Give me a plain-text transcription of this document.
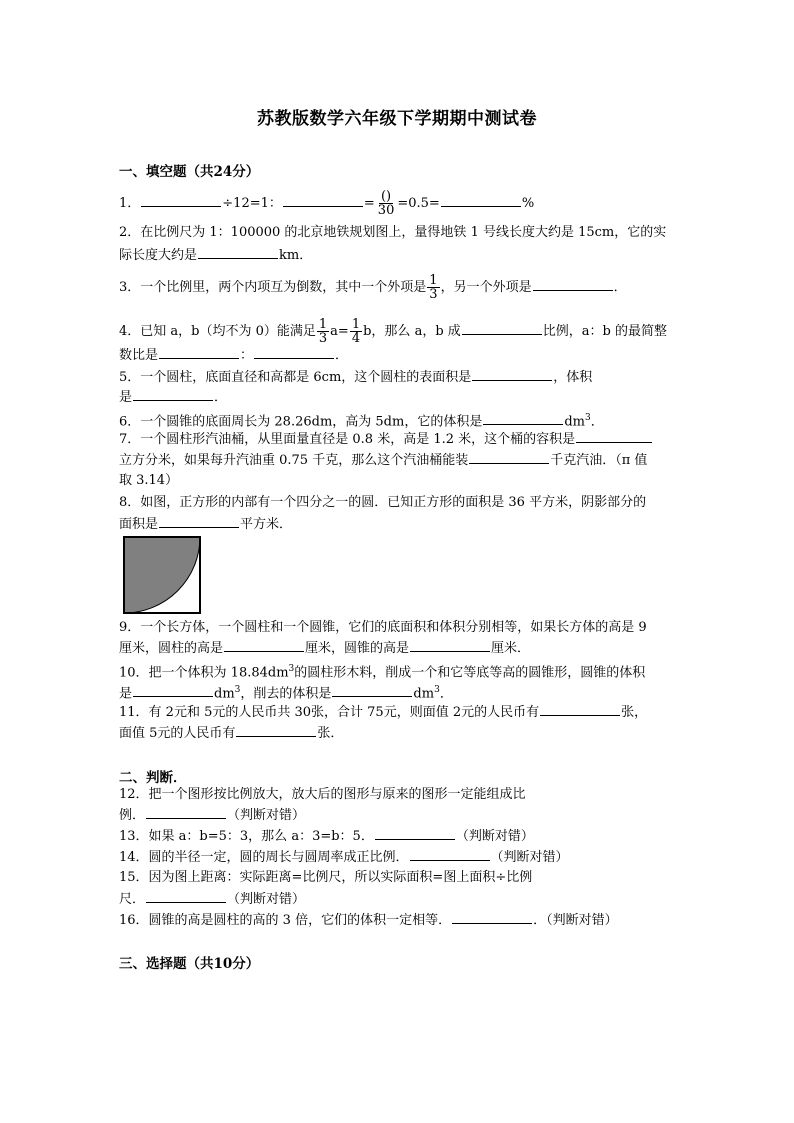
苏教版数学六年级下学期期中测试卷
一、填空题（共24分）
1．	÷12=1：	= $\frac{()}{30} =0.5=$	%
2．在比例尺为 1：100000 的北京地铁规划图上，量得地铁 1 号线长度大约是 15cm，它的实
际长度大约是	km．
3．一个比例里，两个内项互为倒数，其中一个外项是 $\frac{1}{3}$ ，另一个外项是	．
4．已知 a，b（均不为 0）能满足 $\frac{1}{3} a= \frac{1}{4}$ b，那么 a，b 成	比例，a：b 的最简整
数比是	：	．
5．一个圆柱，底面直径和高都是 6cm，这个圆柱的表面积是	，体积
是	．
6．一个圆锥的底面周长为 28.26dm，高为 5dm，它的体积是	$dm^3$．
7．一个圆柱形汽油桶，从里面量直径是 0.8 米，高是 1.2 米，这个桶的容积是
立方分米，如果每升汽油重 0.75 千克，那么这个汽油桶能装	千克汽油．（π 值
取 3.14）
8．如图，正方形的内部有一个四分之一的圆．已知正方形的面积是 36 平方米，阴影部分的
面积是	平方米．
9．一个长方体，一个圆柱和一个圆锥，它们的底面积和体积分别相等，如果长方体的高是 9
厘米，圆柱的高是	厘米，圆锥的高是	厘米．
10．把一个体积为 $18.84dm^3$的圆柱形木料，削成一个和它等底等高的圆锥形，圆锥的体积
是	$dm^3$，削去的体积是	$dm^3$．
11．有 2元和 5元的人民币共 30张，合计 75元，则面值 2元的人民币有	张，
面值 5元的人民币有	张．
二、判断．
12．把一个图形按比例放大，放大后的图形与原来的图形一定能组成比
例．	（判断对错）
13．如果 a：b=5：3，那么 a：3=b：5．	（判断对错）
14．圆的半径一定，圆的周长与圆周率成正比例．	（判断对错）
15．因为图上距离：实际距离=比例尺，所以实际面积=图上面积÷比例
尺．	（判断对错）
16．圆锥的高是圆柱的高的 3 倍，它们的体积一定相等．	．（判断对错）
三、选择题（共10分）
